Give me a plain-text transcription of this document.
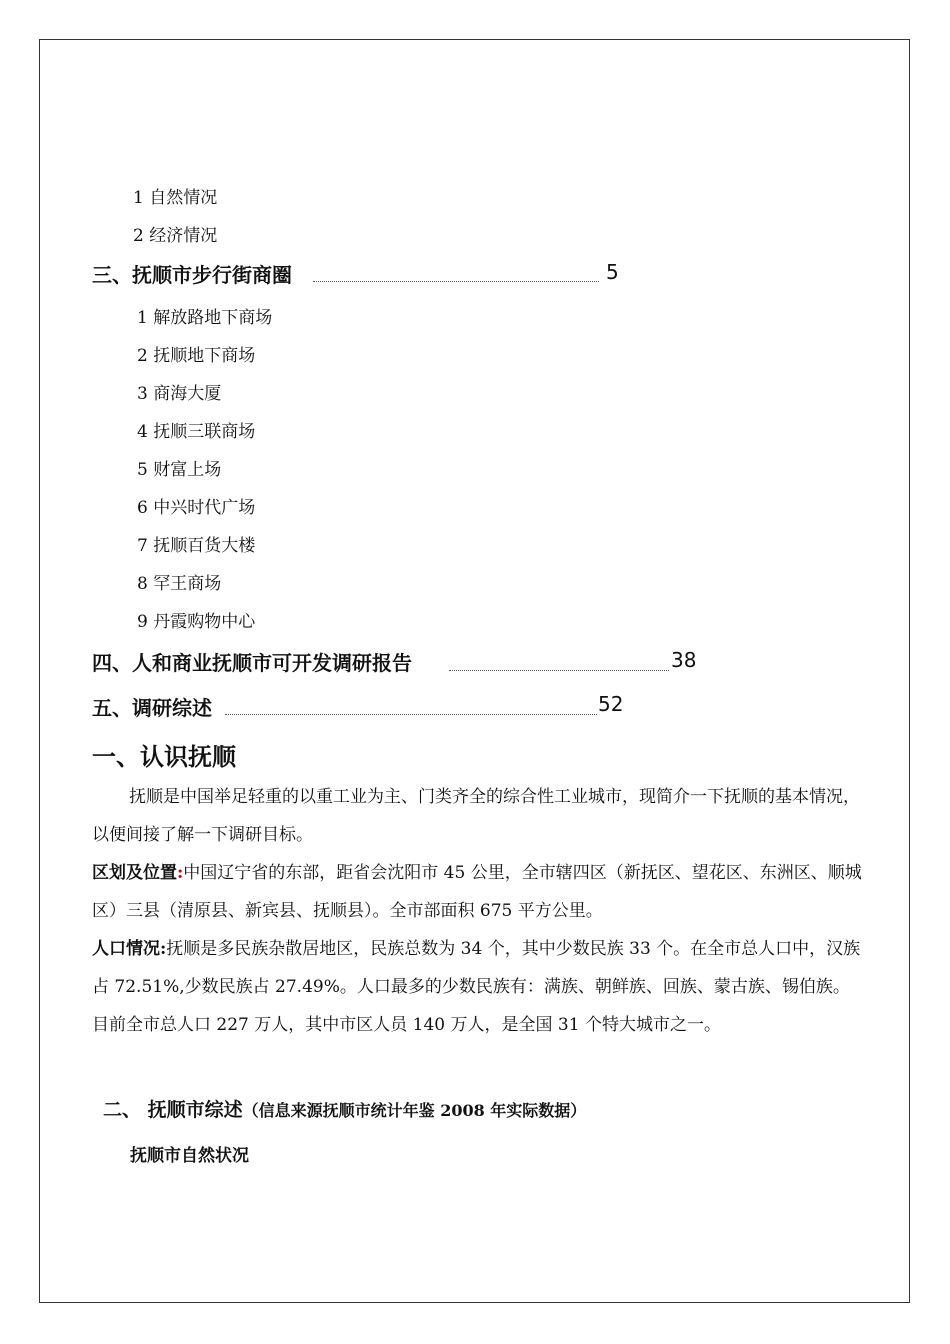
1 自然情况
2 经济情况
三、抚顺市步行街商圈	5
1 解放路地下商场
2 抚顺地下商场
3 商海大厦
4 抚顺三联商场
5 财富上场
6 中兴时代广场
7 抚顺百货大楼
8 罕王商场
9 丹霞购物中心
四、人和商业抚顺市可开发调研报告	38
五、调研综述	52
一、认识抚顺
抚顺是中国举足轻重的以重工业为主、门类齐全的综合性工业城市，现简介一下抚顺的基本情况，以便间接了解一下调研目标。
区划及位置:中国辽宁省的东部，距省会沈阳市 45 公里，全市辖四区（新抚区、望花区、东洲区、顺城区）三县（清原县、新宾县、抚顺县）。全市部面积 675 平方公里。
人口情况:抚顺是多民族杂散居地区，民族总数为 34 个，其中少数民族 33 个。在全市总人口中，汉族占 72.51%,少数民族占 27.49%。人口最多的少数民族有：满族、朝鲜族、回族、蒙古族、锡伯族。目前全市总人口 227 万人，其中市区人员 140 万人，是全国 31 个特大城市之一。
二、 抚顺市综述（信息来源抚顺市统计年鉴 2008 年实际数据）
抚顺市自然状况
